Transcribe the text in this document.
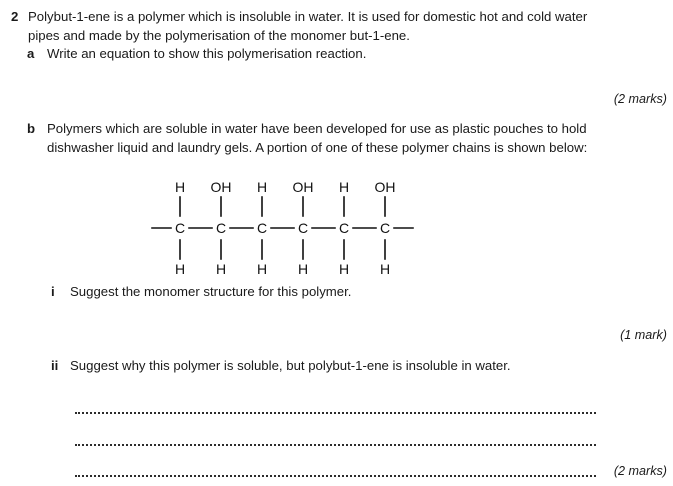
2 Polybut-1-ene is a polymer which is insoluble in water. It is used for domestic hot and cold water pipes and made by the polymerisation of the monomer but-1-ene.
a Write an equation to show this polymerisation reaction.
(2 marks)
b Polymers which are soluble in water have been developed for use as plastic pouches to hold dishwasher liquid and laundry gels. A portion of one of these polymer chains is shown below:
C
H
H
C
OH
H
C
H
H
C
OH
H
C
H
H
C
OH
H
i	Suggest the monomer structure for this polymer.
(1 mark)
ii Suggest why this polymer is soluble, but polybut-1-ene is insoluble in water.
(2 marks)
